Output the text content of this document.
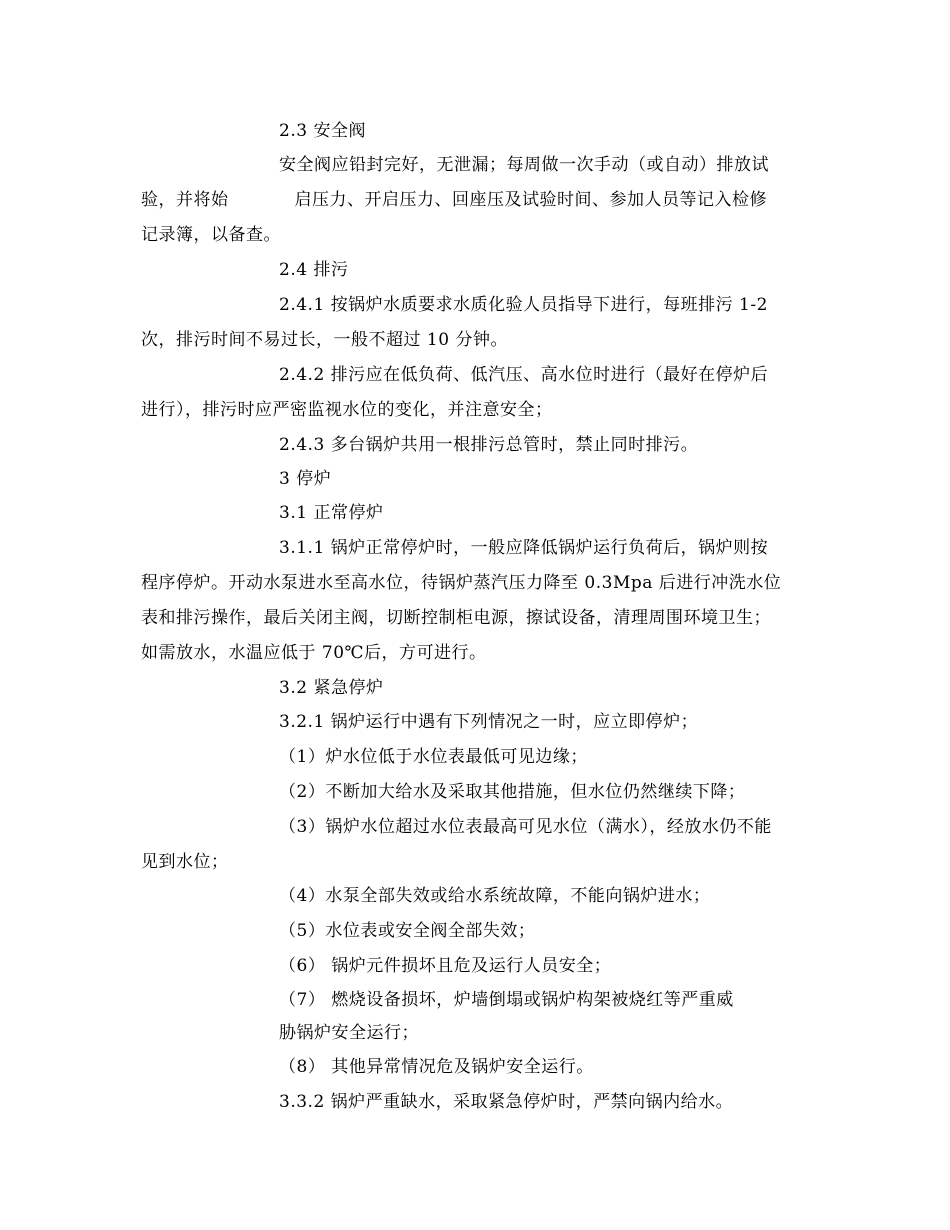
2.3 安全阀
安全阀应铅封完好，无泄漏；每周做一次手动（或自动）排放试
验，并将始	启压力、开启压力、回座压及试验时间、参加人员等记入检修
记录簿，以备查。
2.4 排污
2.4.1 按锅炉水质要求水质化验人员指导下进行，每班排污 1-2
次，排污时间不易过长，一般不超过 10 分钟。
2.4.2 排污应在低负荷、低汽压、高水位时进行（最好在停炉后
进行），排污时应严密监视水位的变化，并注意安全；
2.4.3 多台锅炉共用一根排污总管时，禁止同时排污。
3 停炉
3.1 正常停炉
3.1.1 锅炉正常停炉时，一般应降低锅炉运行负荷后，锅炉则按
程序停炉。开动水泵进水至高水位，待锅炉蒸汽压力降至 0.3Mpa 后进行冲洗水位
表和排污操作，最后关闭主阀，切断控制柜电源，擦试设备，清理周围环境卫生；
如需放水，水温应低于 70℃后，方可进行。
3.2 紧急停炉
3.2.1 锅炉运行中遇有下列情况之一时，应立即停炉；
（1）炉水位低于水位表最低可见边缘；
（2）不断加大给水及采取其他措施，但水位仍然继续下降；
（3）锅炉水位超过水位表最高可见水位（满水），经放水仍不能
见到水位；
（4）水泵全部失效或给水系统故障，不能向锅炉进水；
（5）水位表或安全阀全部失效；
（6） 锅炉元件损坏且危及运行人员安全；
（7） 燃烧设备损坏，炉墙倒塌或锅炉构架被烧红等严重威
胁锅炉安全运行；
（8） 其他异常情况危及锅炉安全运行。
3.3.2 锅炉严重缺水，采取紧急停炉时，严禁向锅内给水。
